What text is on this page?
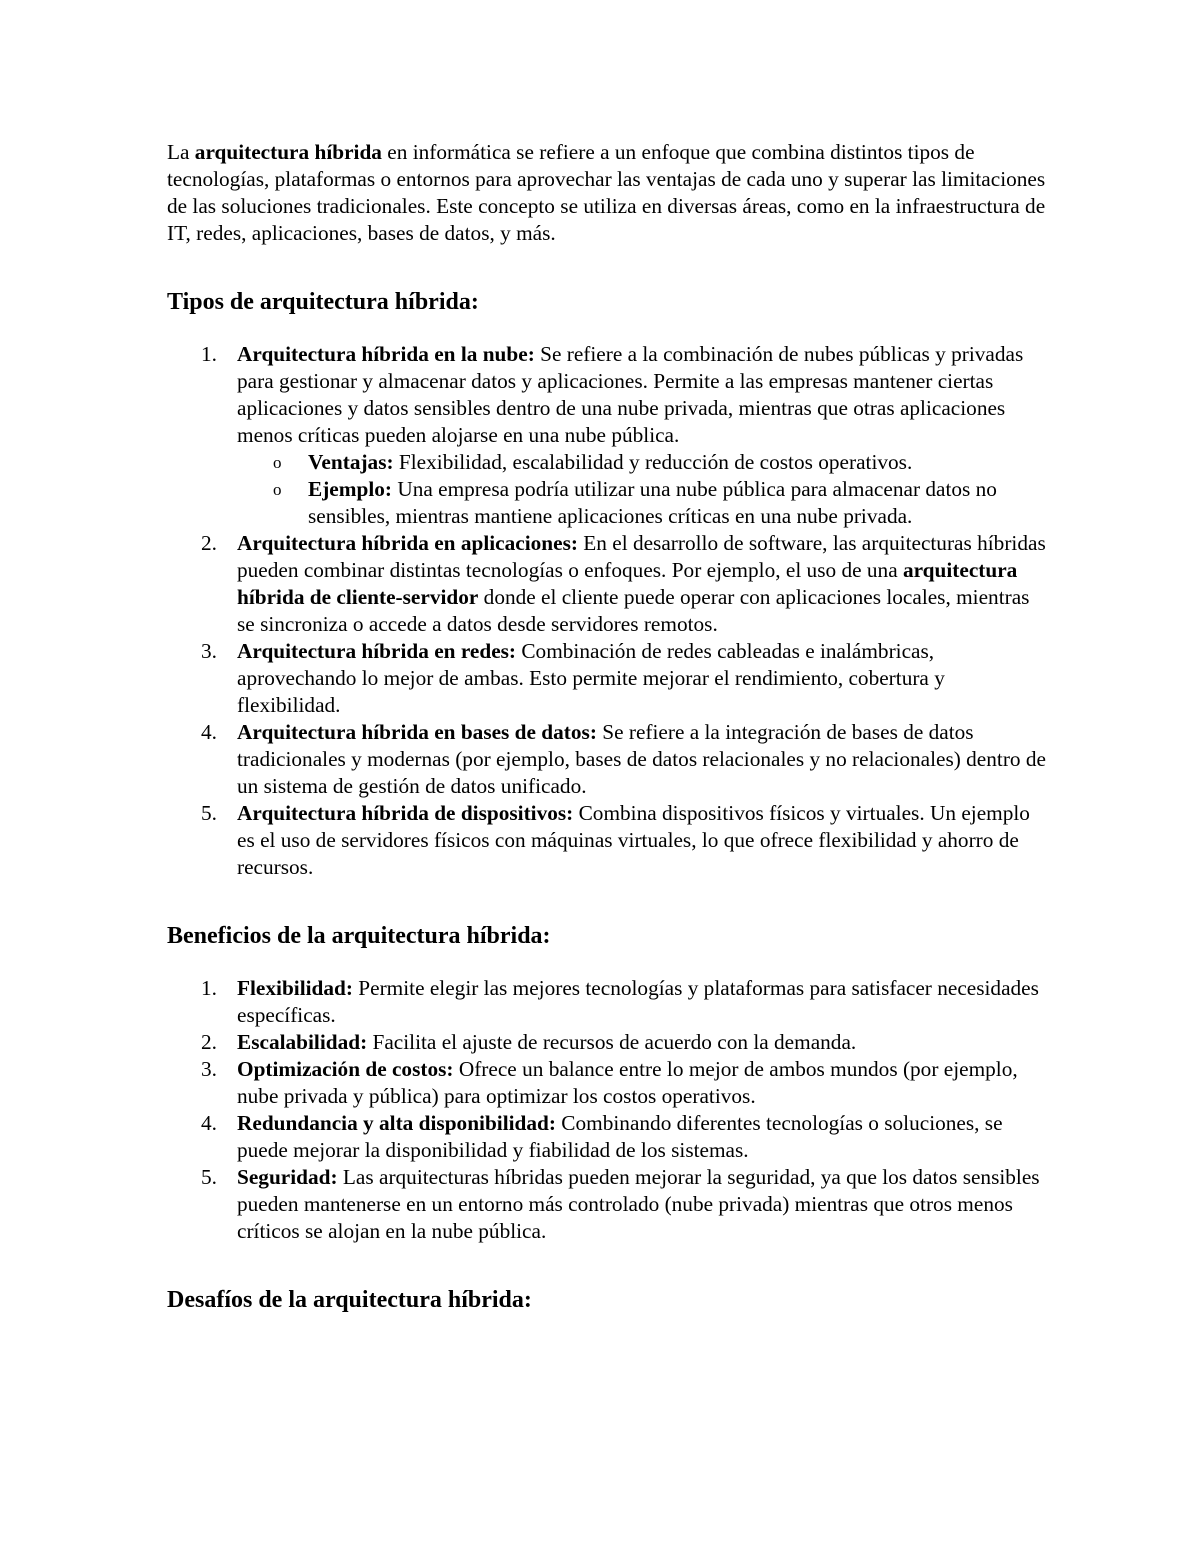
La arquitectura híbrida en informática se refiere a un enfoque que combina distintos tipos de tecnologías, plataformas o entornos para aprovechar las ventajas de cada uno y superar las limitaciones de las soluciones tradicionales. Este concepto se utiliza en diversas áreas, como en la infraestructura de IT, redes, aplicaciones, bases de datos, y más.

Tipos de arquitectura híbrida:
1. Arquitectura híbrida en la nube: Se refiere a la combinación de nubes públicas y privadas para gestionar y almacenar datos y aplicaciones. Permite a las empresas mantener ciertas aplicaciones y datos sensibles dentro de una nube privada, mientras que otras aplicaciones menos críticas pueden alojarse en una nube pública.
o Ventajas: Flexibilidad, escalabilidad y reducción de costos operativos.
o Ejemplo: Una empresa podría utilizar una nube pública para almacenar datos no sensibles, mientras mantiene aplicaciones críticas en una nube privada.
2. Arquitectura híbrida en aplicaciones: En el desarrollo de software, las arquitecturas híbridas pueden combinar distintas tecnologías o enfoques. Por ejemplo, el uso de una arquitectura híbrida de cliente-servidor donde el cliente puede operar con aplicaciones locales, mientras se sincroniza o accede a datos desde servidores remotos.
3. Arquitectura híbrida en redes: Combinación de redes cableadas e inalámbricas, aprovechando lo mejor de ambas. Esto permite mejorar el rendimiento, cobertura y flexibilidad.
4. Arquitectura híbrida en bases de datos: Se refiere a la integración de bases de datos tradicionales y modernas (por ejemplo, bases de datos relacionales y no relacionales) dentro de un sistema de gestión de datos unificado.
5. Arquitectura híbrida de dispositivos: Combina dispositivos físicos y virtuales. Un ejemplo es el uso de servidores físicos con máquinas virtuales, lo que ofrece flexibilidad y ahorro de recursos.
Beneficios de la arquitectura híbrida:
1. Flexibilidad: Permite elegir las mejores tecnologías y plataformas para satisfacer necesidades específicas.
2. Escalabilidad: Facilita el ajuste de recursos de acuerdo con la demanda.
3. Optimización de costos: Ofrece un balance entre lo mejor de ambos mundos (por ejemplo, nube privada y pública) para optimizar los costos operativos.
4. Redundancia y alta disponibilidad: Combinando diferentes tecnologías o soluciones, se puede mejorar la disponibilidad y fiabilidad de los sistemas.
5. Seguridad: Las arquitecturas híbridas pueden mejorar la seguridad, ya que los datos sensibles pueden mantenerse en un entorno más controlado (nube privada) mientras que otros menos críticos se alojan en la nube pública.
Desafíos de la arquitectura híbrida:
